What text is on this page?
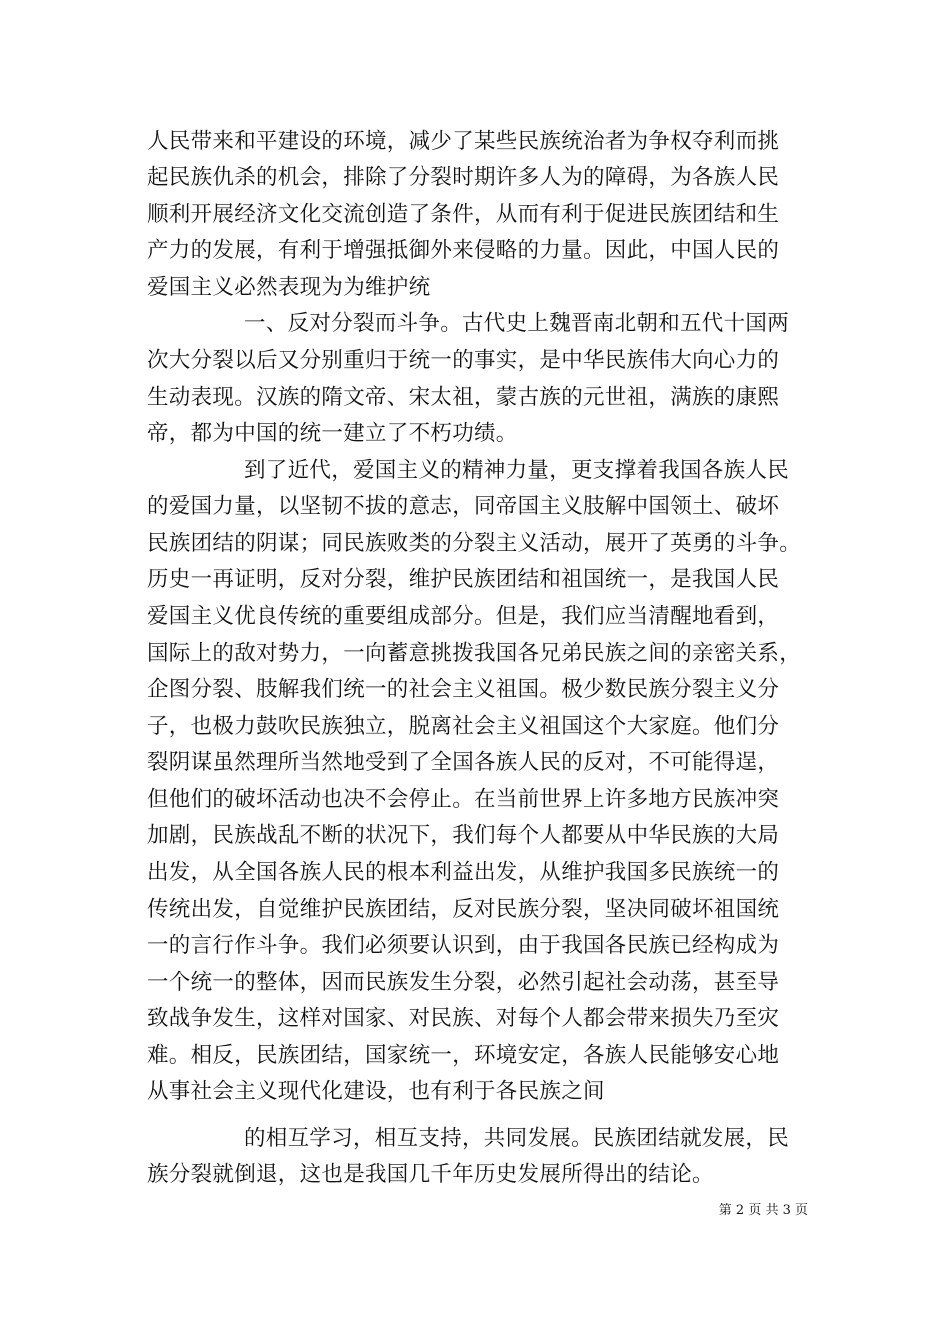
人民带来和平建设的环境，减少了某些民族统治者为争权夺利而挑
起民族仇杀的机会，排除了分裂时期许多人为的障碍，为各族人民
顺利开展经济文化交流创造了条件，从而有利于促进民族团结和生
产力的发展，有利于增强抵御外来侵略的力量。因此，中国人民的
爱国主义必然表现为为维护统
一、反对分裂而斗争。古代史上魏晋南北朝和五代十国两
次大分裂以后又分别重归于统一的事实，是中华民族伟大向心力的
生动表现。汉族的隋文帝、宋太祖，蒙古族的元世祖，满族的康熙
帝，都为中国的统一建立了不朽功绩。
到了近代，爱国主义的精神力量，更支撑着我国各族人民
的爱国力量，以坚韧不拔的意志，同帝国主义肢解中国领土、破坏
民族团结的阴谋；同民族败类的分裂主义活动，展开了英勇的斗争。
历史一再证明，反对分裂，维护民族团结和祖国统一，是我国人民
爱国主义优良传统的重要组成部分。但是，我们应当清醒地看到，
国际上的敌对势力，一向蓄意挑拨我国各兄弟民族之间的亲密关系，
企图分裂、肢解我们统一的社会主义祖国。极少数民族分裂主义分
子，也极力鼓吹民族独立，脱离社会主义祖国这个大家庭。他们分
裂阴谋虽然理所当然地受到了全国各族人民的反对，不可能得逞，
但他们的破坏活动也决不会停止。在当前世界上许多地方民族冲突
加剧，民族战乱不断的状况下，我们每个人都要从中华民族的大局
出发，从全国各族人民的根本利益出发，从维护我国多民族统一的
传统出发，自觉维护民族团结，反对民族分裂，坚决同破坏祖国统
一的言行作斗争。我们必须要认识到，由于我国各民族已经构成为
一个统一的整体，因而民族发生分裂，必然引起社会动荡，甚至导
致战争发生，这样对国家、对民族、对每个人都会带来损失乃至灾
难。相反，民族团结，国家统一，环境安定，各族人民能够安心地
从事社会主义现代化建设，也有利于各民族之间
的相互学习，相互支持，共同发展。民族团结就发展，民
族分裂就倒退，这也是我国几千年历史发展所得出的结论。
第 2 页 共 3 页
